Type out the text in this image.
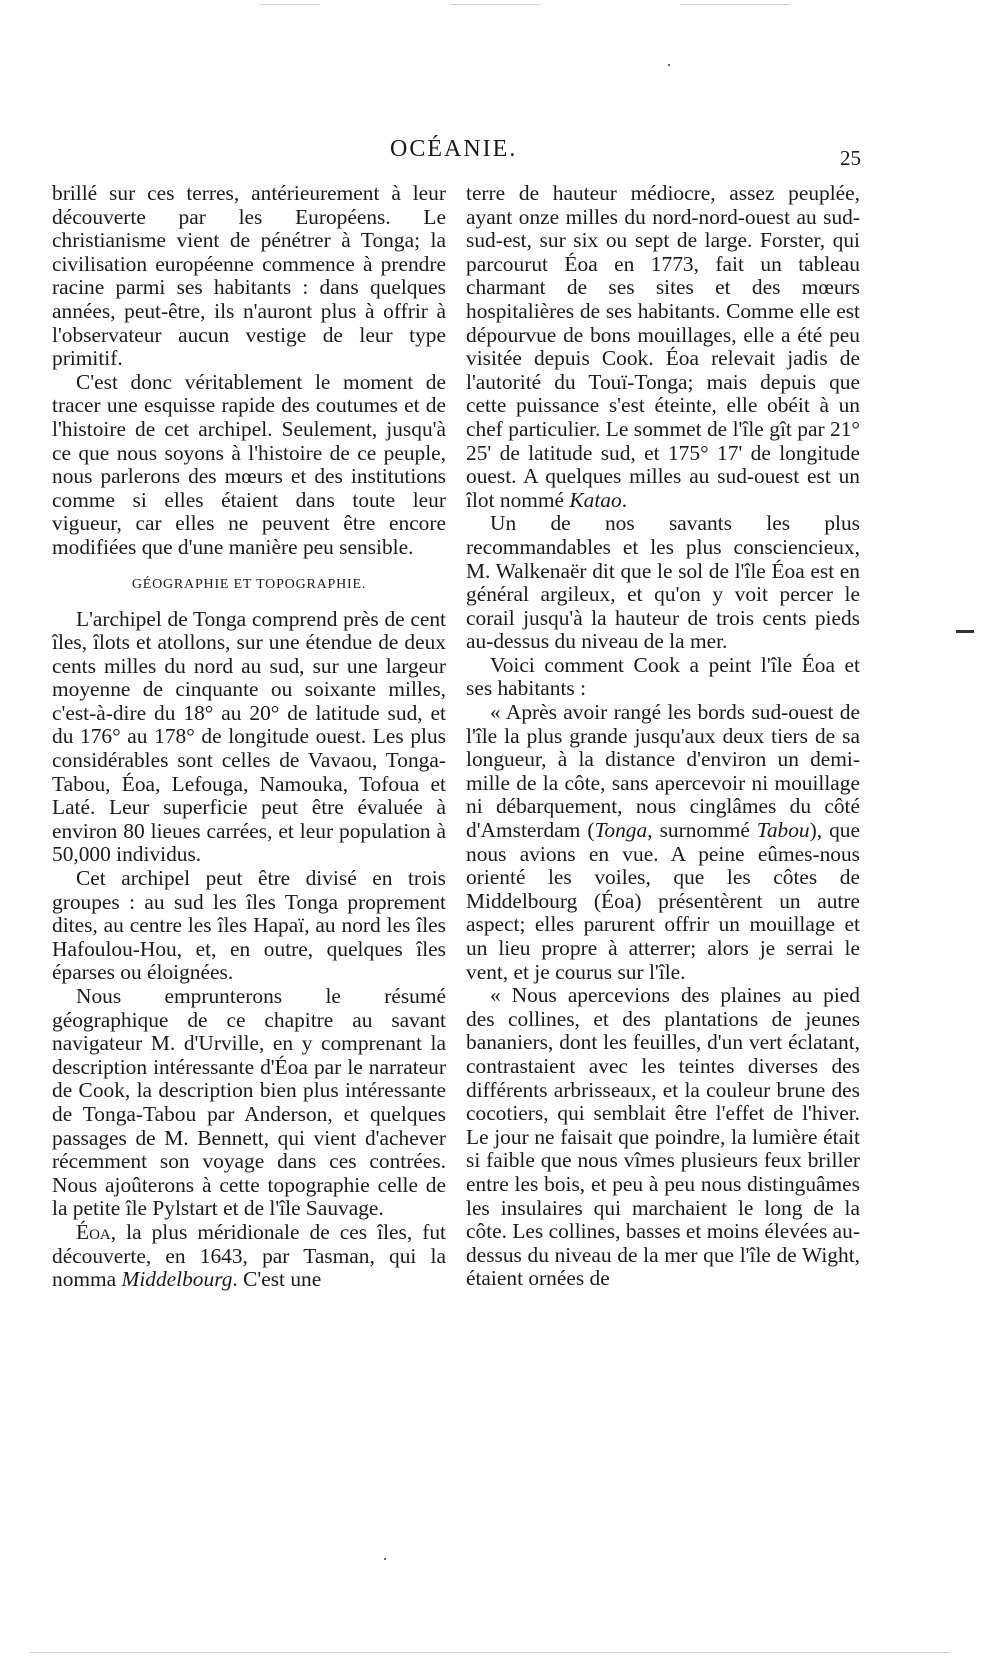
OCÉANIE.	25

brillé sur ces terres, antérieurement à leur découverte par les Européens. Le christianisme vient de pénétrer à Tonga; la civilisation européenne commence à prendre racine parmi ses habitants : dans quelques années, peut-être, ils n'auront plus à offrir à l'observateur aucun vestige de leur type primitif.

C'est donc véritablement le moment de tracer une esquisse rapide des coutumes et de l'histoire de cet archipel. Seulement, jusqu'à ce que nous soyons à l'histoire de ce peuple, nous parlerons des mœurs et des institutions comme si elles étaient dans toute leur vigueur, car elles ne peuvent être encore modifiées que d'une manière peu sensible.

GÉOGRAPHIE ET TOPOGRAPHIE.

L'archipel de Tonga comprend près de cent îles, îlots et atollons, sur une étendue de deux cents milles du nord au sud, sur une largeur moyenne de cinquante ou soixante milles, c'est-à-dire du 18° au 20° de latitude sud, et du 176° au 178° de longitude ouest. Les plus considérables sont celles de Vavaou, Tonga-Tabou, Éoa, Lefouga, Namouka, Tofoua et Laté. Leur superficie peut être évaluée à environ 80 lieues carrées, et leur population à 50,000 individus.

Cet archipel peut être divisé en trois groupes : au sud les îles Tonga proprement dites, au centre les îles Hapaï, au nord les îles Hafoulou-Hou, et, en outre, quelques îles éparses ou éloignées.

Nous emprunterons le résumé géographique de ce chapitre au savant navigateur M. d'Urville, en y comprenant la description intéressante d'Éoa par le narrateur de Cook, la description bien plus intéressante de Tonga-Tabou par Anderson, et quelques passages de M. Bennett, qui vient d'achever récemment son voyage dans ces contrées. Nous ajoûterons à cette topographie celle de la petite île Pylstart et de l'île Sauvage.

Éoa, la plus méridionale de ces îles, fut découverte, en 1643, par Tasman, qui la nomma Middelbourg. C'est une

terre de hauteur médiocre, assez peuplée, ayant onze milles du nord-nord-ouest au sud-sud-est, sur six ou sept de large. Forster, qui parcourut Éoa en 1773, fait un tableau charmant de ses sites et des mœurs hospitalières de ses habitants. Comme elle est dépourvue de bons mouillages, elle a été peu visitée depuis Cook. Éoa relevait jadis de l'autorité du Touï-Tonga; mais depuis que cette puissance s'est éteinte, elle obéit à un chef particulier. Le sommet de l'île gît par 21° 25' de latitude sud, et 175° 17' de longitude ouest. A quelques milles au sud-ouest est un îlot nommé Katao.

Un de nos savants les plus recommandables et les plus consciencieux, M. Walkenaër dit que le sol de l'île Éoa est en général argileux, et qu'on y voit percer le corail jusqu'à la hauteur de trois cents pieds au-dessus du niveau de la mer.

Voici comment Cook a peint l'île Éoa et ses habitants :

« Après avoir rangé les bords sud-ouest de l'île la plus grande jusqu'aux deux tiers de sa longueur, à la distance d'environ un demi-mille de la côte, sans apercevoir ni mouillage ni débarquement, nous cinglâmes du côté d'Amsterdam (Tonga, surnommé Tabou), que nous avions en vue. A peine eûmes-nous orienté les voiles, que les côtes de Middelbourg (Éoa) présentèrent un autre aspect; elles parurent offrir un mouillage et un lieu propre à atterrer; alors je serrai le vent, et je courus sur l'île.

« Nous apercevions des plaines au pied des collines, et des plantations de jeunes bananiers, dont les feuilles, d'un vert éclatant, contrastaient avec les teintes diverses des différents arbrisseaux, et la couleur brune des cocotiers, qui semblait être l'effet de l'hiver. Le jour ne faisait que poindre, la lumière était si faible que nous vîmes plusieurs feux briller entre les bois, et peu à peu nous distinguâmes les insulaires qui marchaient le long de la côte. Les collines, basses et moins élevées au-dessus du niveau de la mer que l'île de Wight, étaient ornées de
